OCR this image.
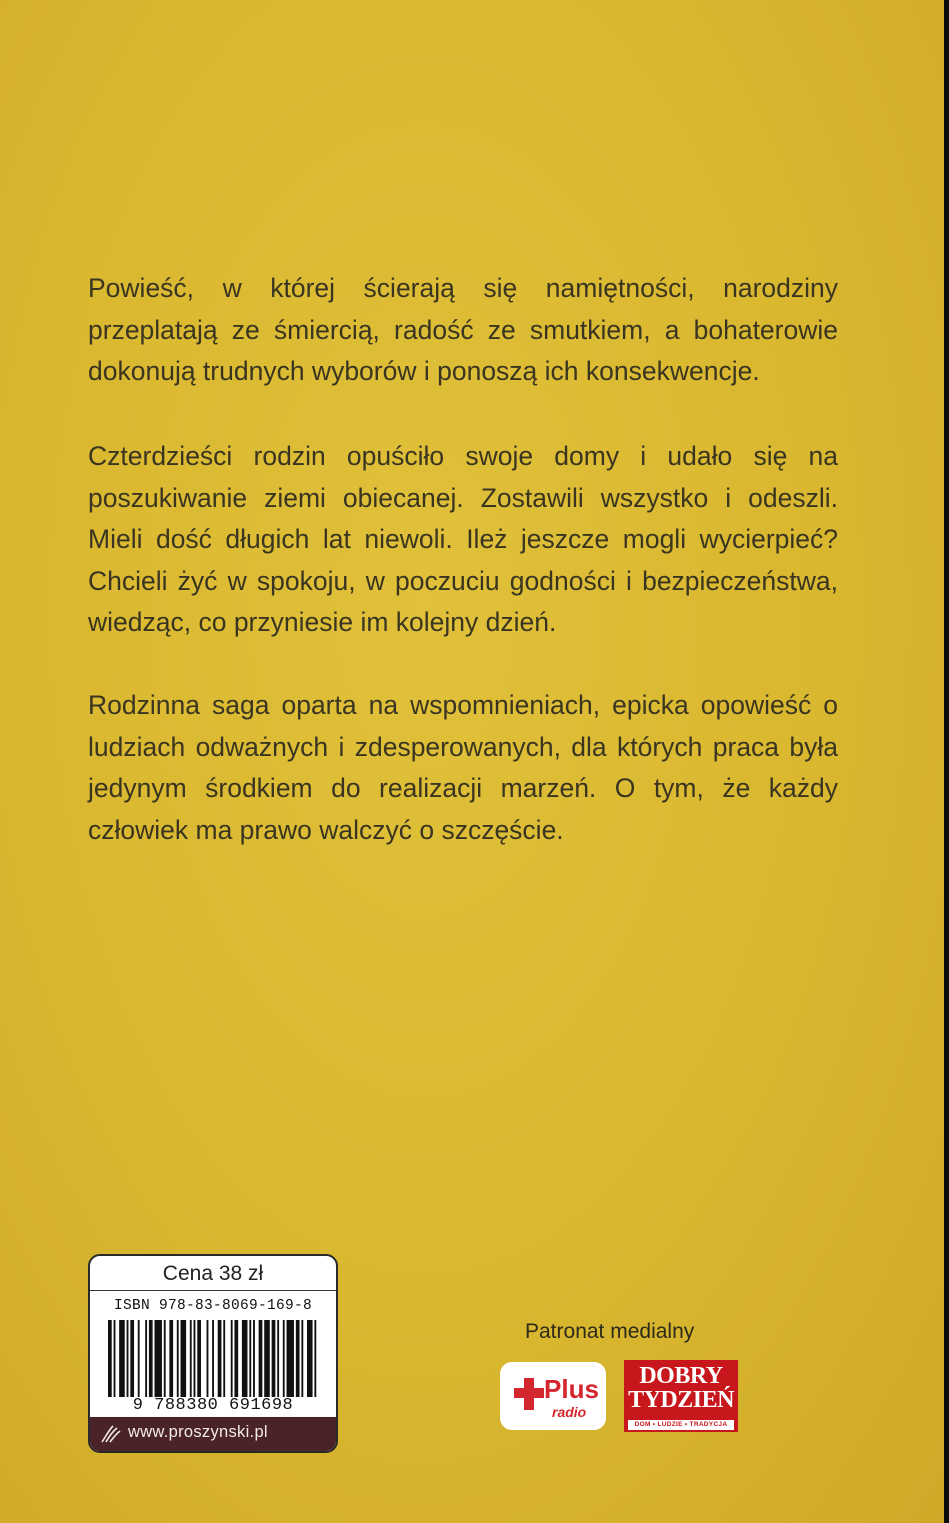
Powieść, w której ścierają się namiętności, narodziny przeplatają ze śmiercią, radość ze smutkiem, a bohaterowie dokonują trudnych wyborów i ponoszą ich konsekwencje.

Czterdzieści rodzin opuściło swoje domy i udało się na poszukiwanie ziemi obiecanej. Zostawili wszystko i odeszli. Mieli dość długich lat niewoli. Ileż jeszcze mogli wycierpieć? Chcieli żyć w spokoju, w poczuciu godności i bezpieczeństwa, wiedząc, co przyniesie im kolejny dzień.

Rodzinna saga oparta na wspomnieniach, epicka opowieść o ludziach odważnych i zdesperowanych, dla których praca była jedynym środkiem do realizacji marzeń. O tym, że każdy człowiek ma prawo walczyć o szczęście.

Cena 38 zł
ISBN 978-83-8069-169-8
9 788380 691698
www.proszynski.pl
Patronat medialny
Plus
radio
DOBRY
TYDZIEŃ
DOM • LUDZIE • TRADYCJA
